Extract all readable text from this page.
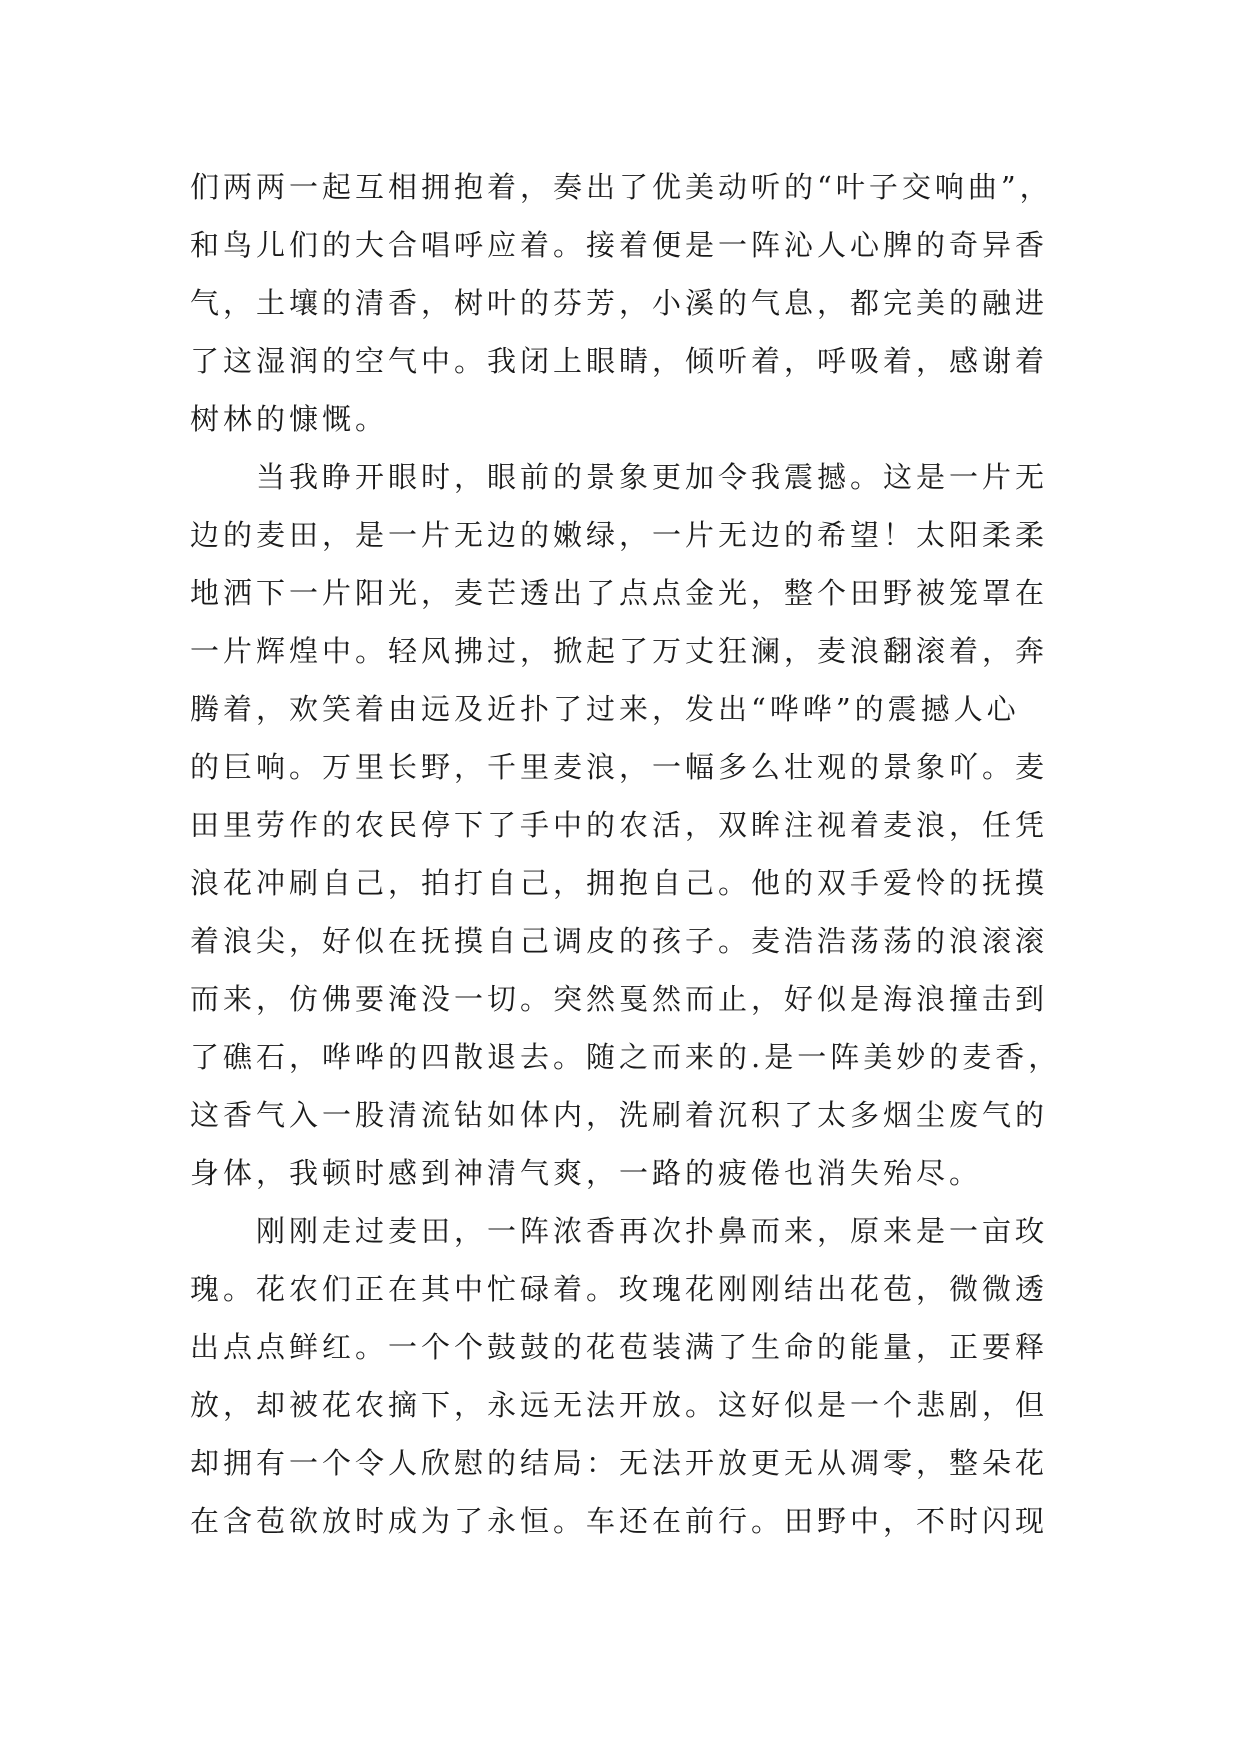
们两两一起互相拥抱着，奏出了优美动听的“叶子交响曲”，
和鸟儿们的大合唱呼应着。接着便是一阵沁人心脾的奇异香
气，土壤的清香，树叶的芬芳，小溪的气息，都完美的融进
了这湿润的空气中。我闭上眼睛，倾听着，呼吸着，感谢着
树林的慷慨。
当我睁开眼时，眼前的景象更加令我震撼。这是一片无
边的麦田，是一片无边的嫩绿，一片无边的希望！太阳柔柔
地洒下一片阳光，麦芒透出了点点金光，整个田野被笼罩在
一片辉煌中。轻风拂过，掀起了万丈狂澜，麦浪翻滚着，奔
腾着，欢笑着由远及近扑了过来，发出“哗哗”的震撼人心
的巨响。万里长野，千里麦浪，一幅多么壮观的景象吖。麦
田里劳作的农民停下了手中的农活，双眸注视着麦浪，任凭
浪花冲刷自己，拍打自己，拥抱自己。他的双手爱怜的抚摸
着浪尖，好似在抚摸自己调皮的孩子。麦浩浩荡荡的浪滚滚
而来，仿佛要淹没一切。突然戛然而止，好似是海浪撞击到
了礁石，哗哗的四散退去。随之而来的.是一阵美妙的麦香，
这香气入一股清流钻如体内，洗刷着沉积了太多烟尘废气的
身体，我顿时感到神清气爽，一路的疲倦也消失殆尽。
刚刚走过麦田，一阵浓香再次扑鼻而来，原来是一亩玫
瑰。花农们正在其中忙碌着。玫瑰花刚刚结出花苞，微微透
出点点鲜红。一个个鼓鼓的花苞装满了生命的能量，正要释
放，却被花农摘下，永远无法开放。这好似是一个悲剧，但
却拥有一个令人欣慰的结局：无法开放更无从凋零，整朵花
在含苞欲放时成为了永恒。车还在前行。田野中，不时闪现
